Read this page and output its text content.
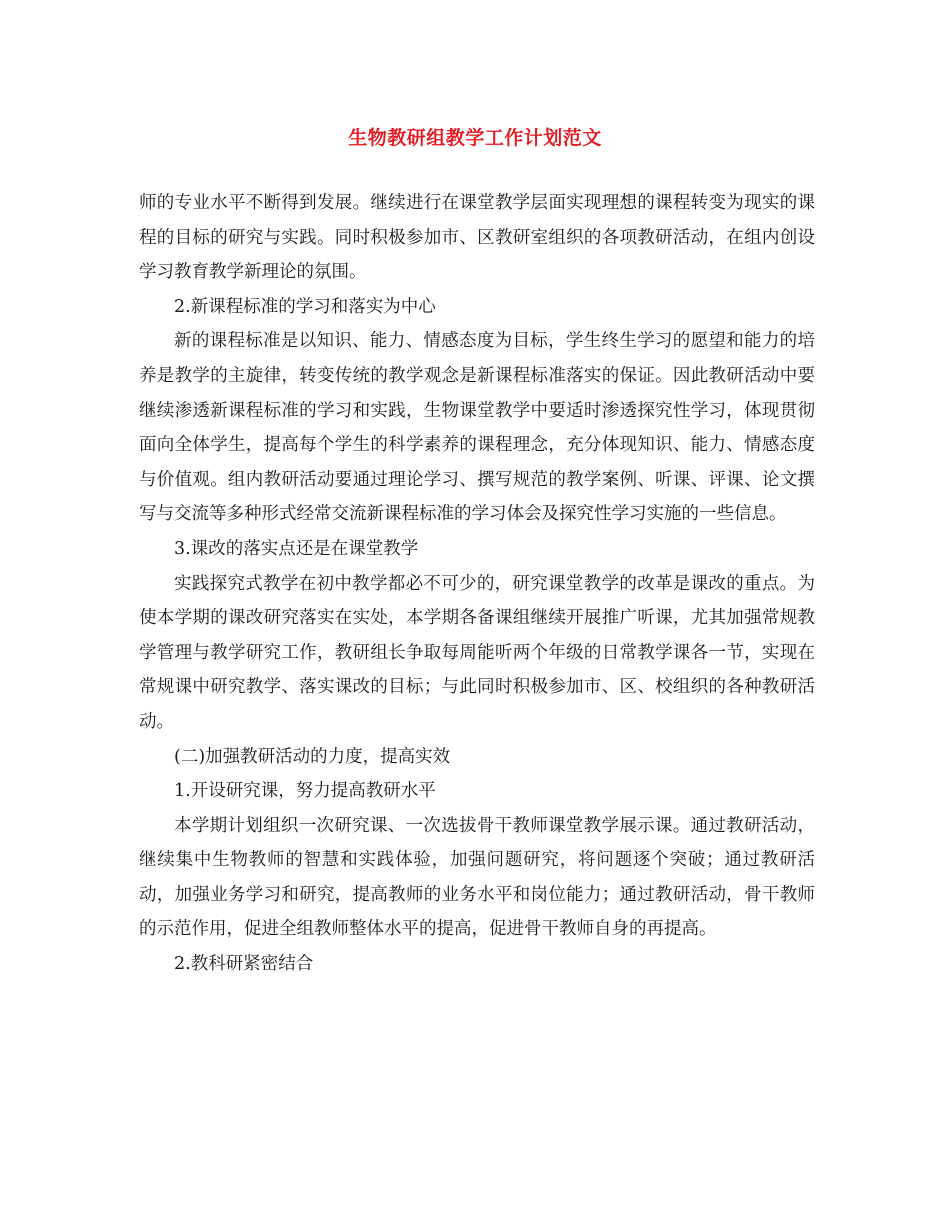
生物教研组教学工作计划范文

师的专业水平不断得到发展。继续进行在课堂教学层面实现理想的课程转变为现实的课程的目标的研究与实践。同时积极参加市、区教研室组织的各项教研活动，在组内创设学习教育教学新理论的氛围。

2.新课程标准的学习和落实为中心

新的课程标准是以知识、能力、情感态度为目标，学生终生学习的愿望和能力的培养是教学的主旋律，转变传统的教学观念是新课程标准落实的保证。因此教研活动中要继续渗透新课程标准的学习和实践，生物课堂教学中要适时渗透探究性学习，体现贯彻面向全体学生，提高每个学生的科学素养的课程理念，充分体现知识、能力、情感态度与价值观。组内教研活动要通过理论学习、撰写规范的教学案例、听课、评课、论文撰写与交流等多种形式经常交流新课程标准的学习体会及探究性学习实施的一些信息。

3.课改的落实点还是在课堂教学

实践探究式教学在初中教学都必不可少的，研究课堂教学的改革是课改的重点。为使本学期的课改研究落实在实处，本学期各备课组继续开展推广听课，尤其加强常规教学管理与教学研究工作，教研组长争取每周能听两个年级的日常教学课各一节，实现在常规课中研究教学、落实课改的目标；与此同时积极参加市、区、校组织的各种教研活动。

(二)加强教研活动的力度，提高实效

1.开设研究课，努力提高教研水平

本学期计划组织一次研究课、一次选拔骨干教师课堂教学展示课。通过教研活动，继续集中生物教师的智慧和实践体验，加强问题研究，将问题逐个突破；通过教研活动，加强业务学习和研究，提高教师的业务水平和岗位能力；通过教研活动，骨干教师的示范作用，促进全组教师整体水平的提高，促进骨干教师自身的再提高。

2.教科研紧密结合
